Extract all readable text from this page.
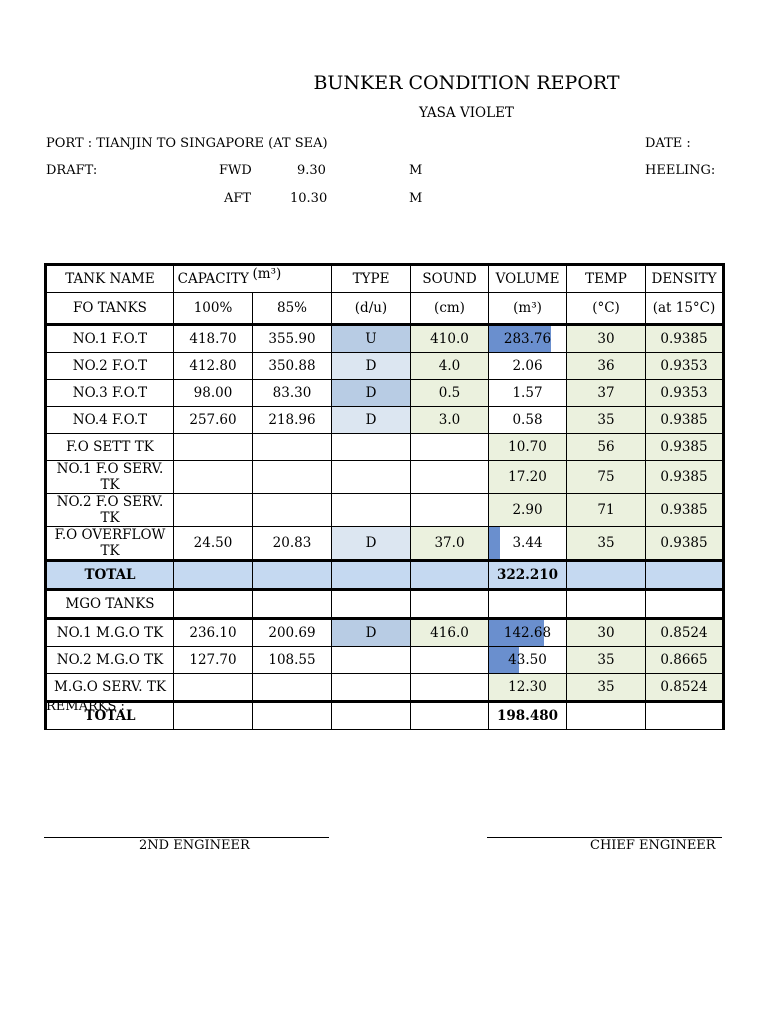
BUNKER CONDITION REPORT
YASA VIOLET
PORT : TIANJIN TO SINGAPORE (AT SEA)	DATE :
DRAFT:	FWD	9.30	M	HEELING:
AFT	10.30	M
TANK NAME	CAPACITY	(m³)	TYPE	SOUND	VOLUME	TEMP	DENSITY
FO TANKS	100%	85%	(d/u)	(cm)	(m³)	(°C)	(at 15°C)
NO.1 F.O.T	418.70	355.90	U	410.0	283.76	30	0.9385
NO.2 F.O.T	412.80	350.88	D	4.0	2.06	36	0.9353
NO.3 F.O.T	98.00	83.30	D	0.5	1.57	37	0.9353
NO.4 F.O.T	257.60	218.96	D	3.0	0.58	35	0.9385
F.O SETT TK					10.70	56	0.9385
NO.1 F.O SERV. TK					17.20	75	0.9385
NO.2 F.O SERV. TK					2.90	71	0.9385
F.O OVERFLOW TK	24.50	20.83	D	37.0	3.44	35	0.9385
TOTAL					322.210		
MGO TANKS							
NO.1 M.G.O TK	236.10	200.69	D	416.0	142.68	30	0.8524
NO.2 M.G.O TK	127.70	108.55			43.50	35	0.8665
M.G.O SERV. TK					12.30	35	0.8524
TOTAL					198.480		
REMARKS :
2ND ENGINEER	CHIEF ENGINEER
